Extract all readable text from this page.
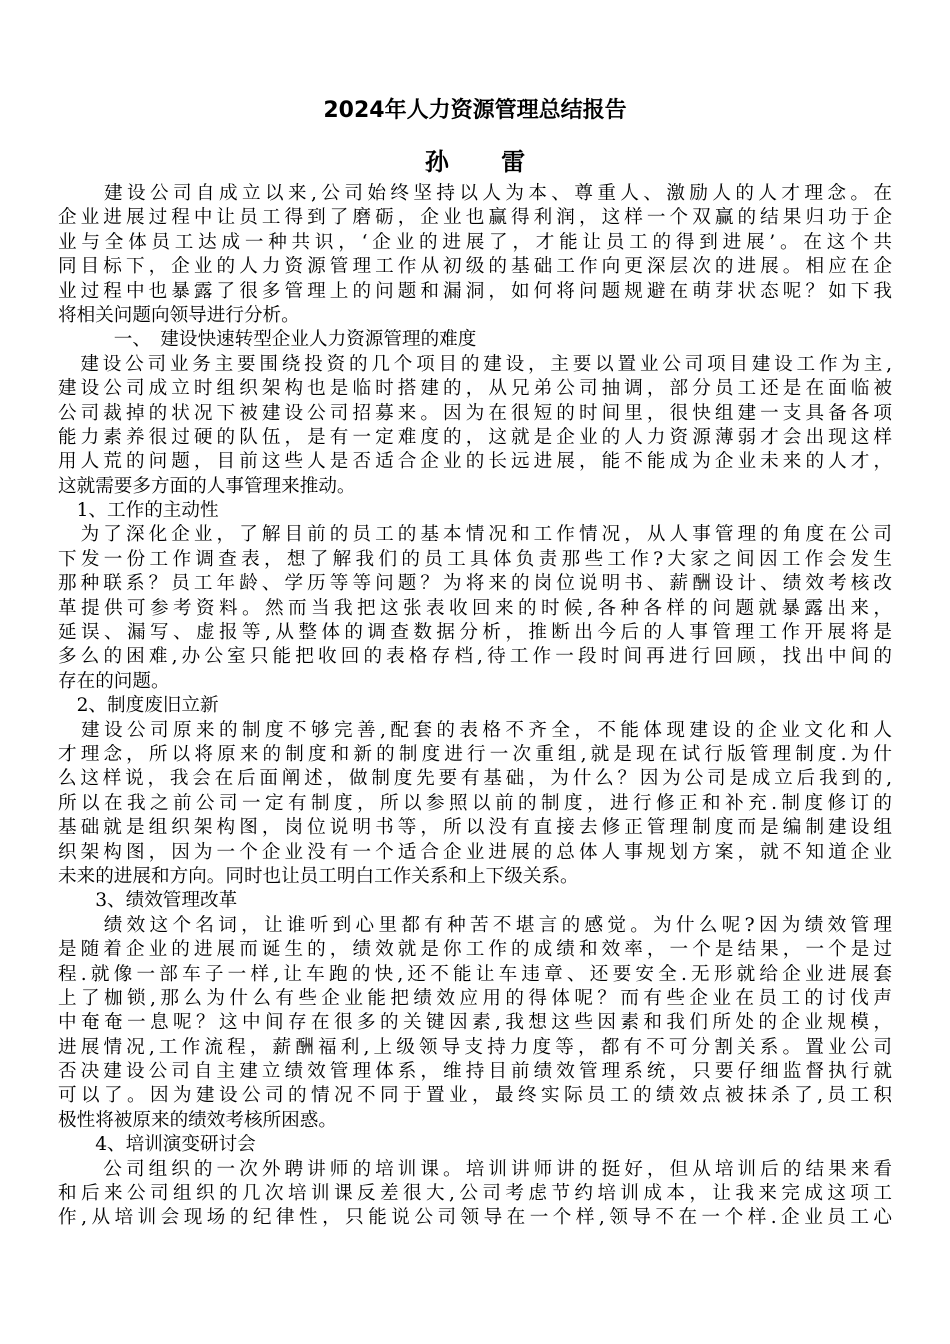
2024年人力资源管理总结报告
孙 雷
　　建设公司自成立以来,公司始终坚持以人为本、尊重人、激励人的人才理念。在
企业进展过程中让员工得到了磨砺，企业也赢得利润，这样一个双赢的结果归功于企
业与全体员工达成一种共识，‘企业的进展了，才能让员工的得到进展’。在这个共
同目标下，企业的人力资源管理工作从初级的基础工作向更深层次的进展。相应在企
业过程中也暴露了很多管理上的问题和漏洞，如何将问题规避在萌芽状态呢？如下我
将相关问题向领导进行分析。
　　　一、　建设快速转型企业人力资源管理的难度
　建设公司业务主要围绕投资的几个项目的建设，主要以置业公司项目建设工作为主,
建设公司成立时组织架构也是临时搭建的，从兄弟公司抽调，部分员工还是在面临被
公司裁掉的状况下被建设公司招募来。因为在很短的时间里，很快组建一支具备各项
能力素养很过硬的队伍，是有一定难度的，这就是企业的人力资源薄弱才会出现这样
用人荒的问题，目前这些人是否适合企业的长远进展，能不能成为企业未来的人才，
这就需要多方面的人事管理来推动。
　1、工作的主动性
　为了深化企业，了解目前的员工的基本情况和工作情况，从人事管理的角度在公司
下发一份工作调查表，想了解我们的员工具体负责那些工作?大家之间因工作会发生
那种联系？员工年龄、学历等等问题？为将来的岗位说明书、薪酬设计、绩效考核改
革提供可参考资料。然而当我把这张表收回来的时候,各种各样的问题就暴露出来，
延误、漏写、虚报等,从整体的调查数据分析，推断出今后的人事管理工作开展将是
多么的困难,办公室只能把收回的表格存档,待工作一段时间再进行回顾，找出中间的
存在的问题。
　2、制度废旧立新
　建设公司原来的制度不够完善,配套的表格不齐全，不能体现建设的企业文化和人
才理念，所以将原来的制度和新的制度进行一次重组,就是现在试行版管理制度.为什
么这样说，我会在后面阐述，做制度先要有基础，为什么？因为公司是成立后我到的,
所以在我之前公司一定有制度，所以参照以前的制度，进行修正和补充.制度修订的
基础就是组织架构图，岗位说明书等，所以没有直接去修正管理制度而是编制建设组
织架构图，因为一个企业没有一个适合企业进展的总体人事规划方案，就不知道企业
未来的进展和方向。同时也让员工明白工作关系和上下级关系。
　　3、绩效管理改革
　　绩效这个名词，让谁听到心里都有种苦不堪言的感觉。为什么呢?因为绩效管理
是随着企业的进展而诞生的，绩效就是你工作的成绩和效率，一个是结果，一个是过
程.就像一部车子一样,让车跑的快,还不能让车违章、还要安全.无形就给企业进展套
上了枷锁,那么为什么有些企业能把绩效应用的得体呢？而有些企业在员工的讨伐声
中奄奄一息呢？这中间存在很多的关键因素,我想这些因素和我们所处的企业规模，
进展情况,工作流程，薪酬福利,上级领导支持力度等，都有不可分割关系。置业公司
否决建设公司自主建立绩效管理体系，维持目前绩效管理系统，只要仔细监督执行就
可以了。因为建设公司的情况不同于置业，最终实际员工的绩效点被抹杀了,员工积
极性将被原来的绩效考核所困惑。
　　4、培训演变研讨会
　　公司组织的一次外聘讲师的培训课。培训讲师讲的挺好，但从培训后的结果来看
和后来公司组织的几次培训课反差很大,公司考虑节约培训成本，让我来完成这项工
作,从培训会现场的纪律性，只能说公司领导在一个样,领导不在一个样.企业员工心
